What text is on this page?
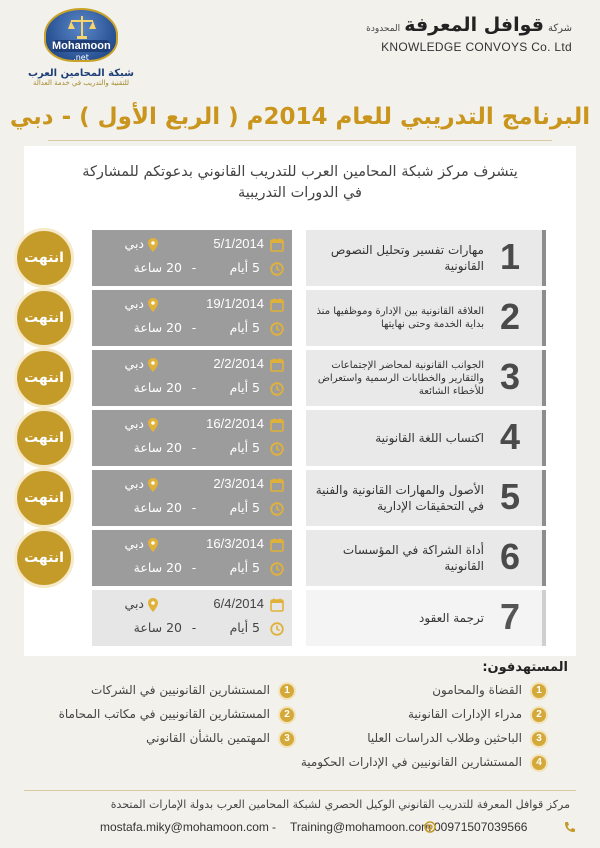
Mohamoon
.net
شبكة المحامين العرب
للتقنية والتدريب في خدمة العدالة
شركةقوافل المعرفةالمحدودة
KNOWLEDGE CONVOYS Co. Ltd
البرنامج التدريبي للعام 2014م ( الربع الأول ) - دبي
يتشرف مركز شبكة المحامين العرب للتدريب القانوني بدعوتكم للمشاركة
في الدورات التدريبية
انتهت
دبي	5/1/2014
20 ساعة -	5 أيام	1
مهارات تفسير وتحليل النصوص القانونية
انتهت
دبي	19/1/2014
20 ساعة -	5 أيام	2
العلاقة القانونية بين الإدارة وموظفيها منذ بداية الخدمة وحتى نهايتها
انتهت
دبي	2/2/2014
20 ساعة -	5 أيام	3
الجوانب القانونية لمحاضر الإجتماعات والتقارير والخطابات الرسمية واستعراض للأخطاء الشائعة
انتهت
دبي	16/2/2014
20 ساعة -	5 أيام	4
اكتساب اللغة القانونية
انتهت
دبي	2/3/2014
20 ساعة -	5 أيام	5
الأصول والمهارات القانونية والفنية في التحقيقات الإدارية
انتهت
دبي	16/3/2014
20 ساعة -	5 أيام	6
أداة الشراكة في المؤسسات القانونية
دبي	6/4/2014
20 ساعة -	5 أيام	7
ترجمة العقود
المستهدفون:
1
القضاة والمحامون
2
مدراء الإدارات القانونية
3
الباحثين وطلاب الدراسات العليا
4
المستشارين القانونيين في الإدارات الحكومية
1
المستشارين القانونيين في الشركات
2
المستشارين القانونيين في مكاتب المحاماة
3
المهتمين بالشأن القانوني
مركز قوافل المعرفة للتدريب القانوني الوكيل الحصري لشبكة المحامين العرب بدولة الإمارات المتحدة
00971507039566
Training@mohamoon.com
-
mostafa.miky@mohamoon.com
